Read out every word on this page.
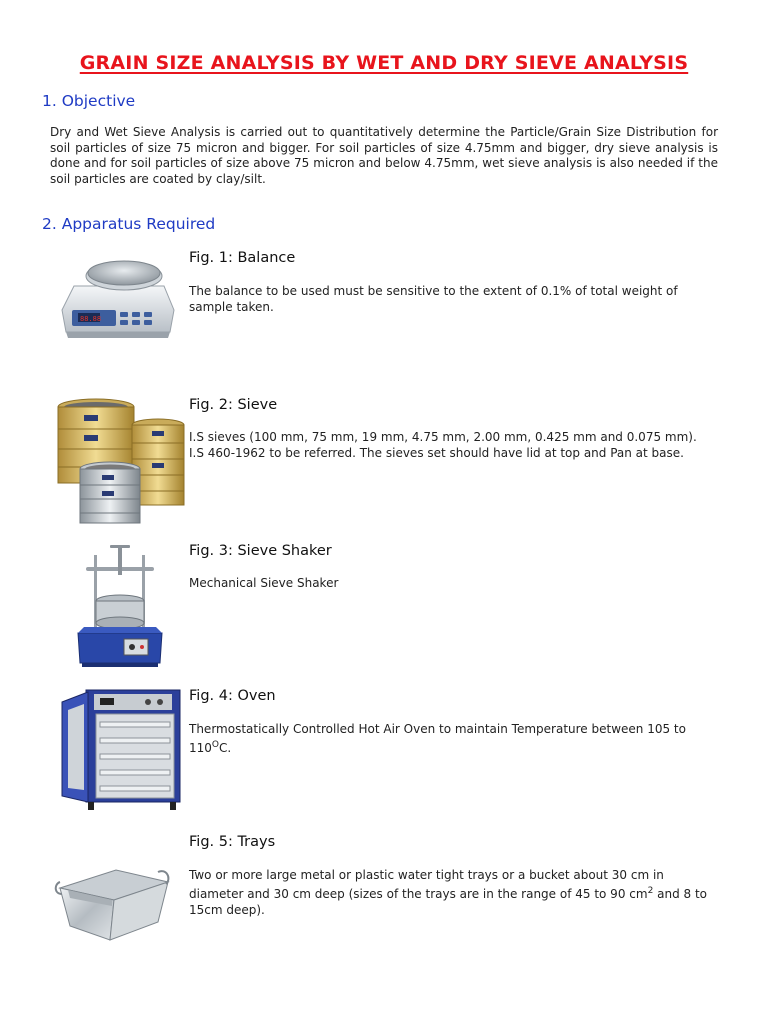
GRAIN SIZE ANALYSIS BY WET AND DRY SIEVE ANALYSIS
1. Objective
Dry and Wet Sieve Analysis is carried out to quantitatively determine the Particle/Grain Size Distribution for soil particles of size 75 micron and bigger. For soil particles of size 4.75mm and bigger, dry sieve analysis is done and for soil particles of size above 75 micron and below 4.75mm, wet sieve analysis is also needed if the soil particles are coated by clay/silt.
2. Apparatus Required
88.88
Fig. 1: Balance
The balance to be used must be sensitive to the extent of 0.1% of total weight of sample taken.
Fig. 2: Sieve
I.S sieves (100 mm, 75 mm, 19 mm, 4.75 mm, 2.00 mm, 0.425 mm and 0.075 mm). I.S 460-1962 to be referred. The sieves set should have lid at top and Pan at base.
Fig. 3: Sieve Shaker
Mechanical Sieve Shaker
Fig. 4: Oven
Thermostatically Controlled Hot Air Oven to maintain Temperature between 105 to $110^OC$.
Fig. 5: Trays
Two or more large metal or plastic water tight trays or a bucket about 30 cm in diameter and 30 cm deep (sizes of the trays are in the range of 45 to 90 $cm^2$ and 8 to 15cm deep).
